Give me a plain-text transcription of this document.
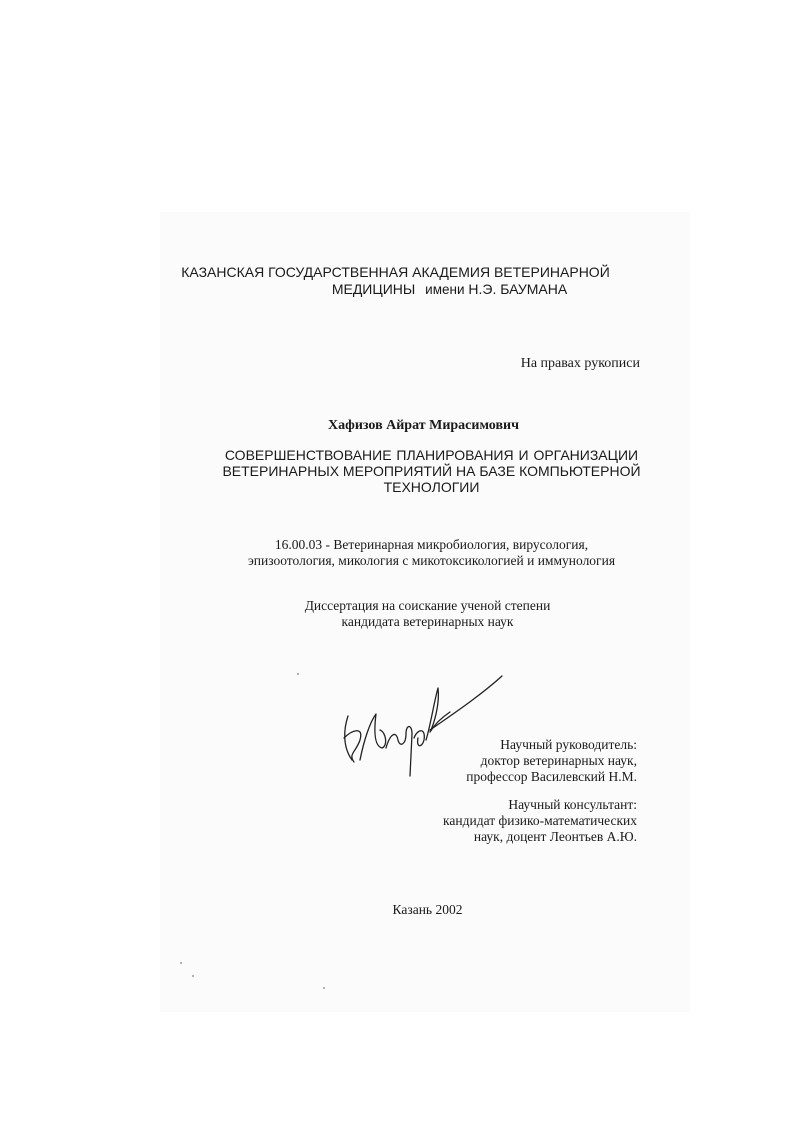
КАЗАНСКАЯ ГОСУДАРСТВЕННАЯ АКАДЕМИЯ ВЕТЕРИНАРНОЙ
МЕДИЦИНЫ имени Н.Э. БАУМАНА
На правах рукописи
Хафизов Айрат Мирасимович
СОВЕРШЕНСТВОВАНИЕ ПЛАНИРОВАНИЯ И ОРГАНИЗАЦИИ
ВЕТЕРИНАРНЫХ МЕРОПРИЯТИЙ НА БАЗЕ КОМПЬЮТЕРНОЙ
ТЕХНОЛОГИИ
16.00.03 - Ветеринарная микробиология, вирусология,
эпизоотология, микология с микотоксикологией и иммунология
Диссертация на соискание ученой степени
кандидата ветеринарных наук
Научный руководитель:
доктор ветеринарных наук,
профессор Василевский Н.М.
Научный консультант:
кандидат физико-математических
наук, доцент Леонтьев А.Ю.
Казань 2002
